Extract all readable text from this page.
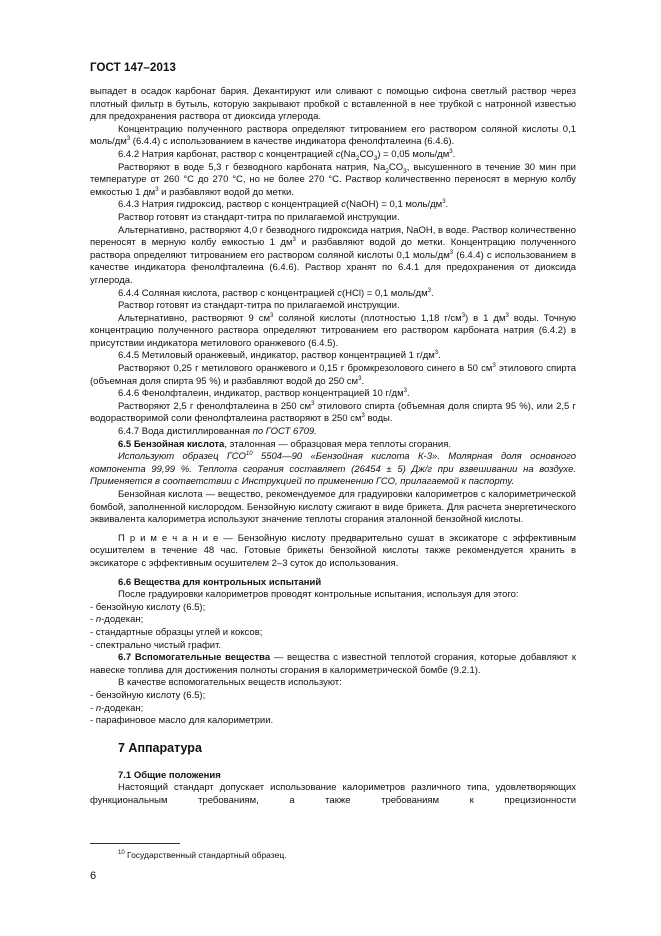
ГОСТ 147–2013

выпадет в осадок карбонат бария. Декантируют или сливают с помощью сифона светлый раствор через плотный фильтр в бутыль, которую закрывают пробкой с вставленной в нее трубкой с натронной известью для предохранения раствора от диоксида углерода.

Концентрацию полученного раствора определяют титрованием его раствором соляной кислоты 0,1 моль/$дм^3$ (6.4.4) с использованием в качестве индикатора фенолфталеина (6.4.6).

6.4.2 Натрия карбонат, раствор с концентрацией $c(Na_2CO_3) = 0,05$ моль/$дм^3$.

Растворяют в воде 5,3 г безводного карбоната натрия, $Na_2CO_3$, высушенного в течение 30 мин при температуре от 260 °С до 270 °С, но не более 270 °С. Раствор количественно переносят в мерную колбу емкостью 1 $дм^3$ и разбавляют водой до метки.

6.4.3 Натрия гидроксид, раствор с концентрацией c(NaOH) = 0,1 моль/$дм^3$.

Раствор готовят из стандарт-титра по прилагаемой инструкции.

Альтернативно, растворяют 4,0 г безводного гидроксида натрия, NaOH, в воде. Раствор количественно переносят в мерную колбу емкостью 1 $дм^3$ и разбавляют водой до метки. Концентрацию полученного раствора определяют титрованием его раствором соляной кислоты 0,1 моль/$дм^3$ (6.4.4) с использованием в качестве индикатора фенолфталеина (6.4.6). Раствор хранят по 6.4.1 для предохранения от диоксида углерода.

6.4.4 Соляная кислота, раствор с концентрацией c(HCl) = 0,1 моль/$дм^3$.

Раствор готовят из стандарт-титра по прилагаемой инструкции.

Альтернативно, растворяют 9 $см^3$ соляной кислоты (плотностью 1,18 $г/см^3$) в 1 $дм^3$ воды. Точную концентрацию полученного раствора определяют титрованием его раствором карбоната натрия (6.4.2) в присутствии индикатора метилового оранжевого (6.4.5).

6.4.5 Метиловый оранжевый, индикатор, раствор концентрацией 1 $г/дм^3$.

Растворяют 0,25 г метилового оранжевого и 0,15 г бромкрезолового синего в 50 $см^3$ этилового спирта (объемная доля спирта 95 %) и разбавляют водой до 250 $см^3$.

6.4.6 Фенолфталеин, индикатор, раствор концентрацией 10 $г/дм^3$.

Растворяют 2,5 г фенолфталеина в 250 $см^3$ этилового спирта (объемная доля спирта 95 %), или 2,5 г водорастворимой соли фенолфталеина растворяют в 250 $см^3$ воды.

6.4.7 Вода дистиллированная по ГОСТ 6709.

6.5 Бензойная кислота, эталонная — образцовая мера теплоты сгорания.

Используют образец ГСО$^{10}$ 5504—90 «Бензойная кислота К-3». Молярная доля основного компонента 99,99 %. Теплота сгорания составляет (26454 ± 5) Дж/г при взвешивании на воздухе. Применяется в соответствии с Инструкцией по применению ГСО, прилагаемой к паспорту.

Бензойная кислота — вещество, рекомендуемое для градуировки калориметров с калориметрической бомбой, заполненной кислородом. Бензойную кислоту сжигают в виде брикета. Для расчета энергетического эквивалента калориметра используют значение теплоты сгорания эталонной бензойной кислоты.

П р и м е ч а н и е — Бензойную кислоту предварительно сушат в эксикаторе с эффективным осушителем в течение 48 час. Готовые брикеты бензойной кислоты также рекомендуется хранить в эксикаторе с эффективным осушителем 2–3 суток до использования.

6.6 Вещества для контрольных испытаний

После градуировки калориметров проводят контрольные испытания, используя для этого:

- бензойную кислоту (6.5);

- n-додекан;

- стандартные образцы углей и коксов;

- спектрально чистый графит.

6.7 Вспомогательные вещества — вещества с известной теплотой сгорания, которые добавляют к навеске топлива для достижения полноты сгорания в калориметрической бомбе (9.2.1).

В качестве вспомогательных веществ используют:

- бензойную кислоту (6.5);

- n-додекан;

- парафиновое масло для калориметрии.

7 Аппаратура

7.1 Общие положения

Настоящий стандарт допускает использование калориметров различного типа, удовлетворяющих функциональным требованиям, а также требованиям к прецизионности

$^{10}$ Государственный стандартный образец.
6
